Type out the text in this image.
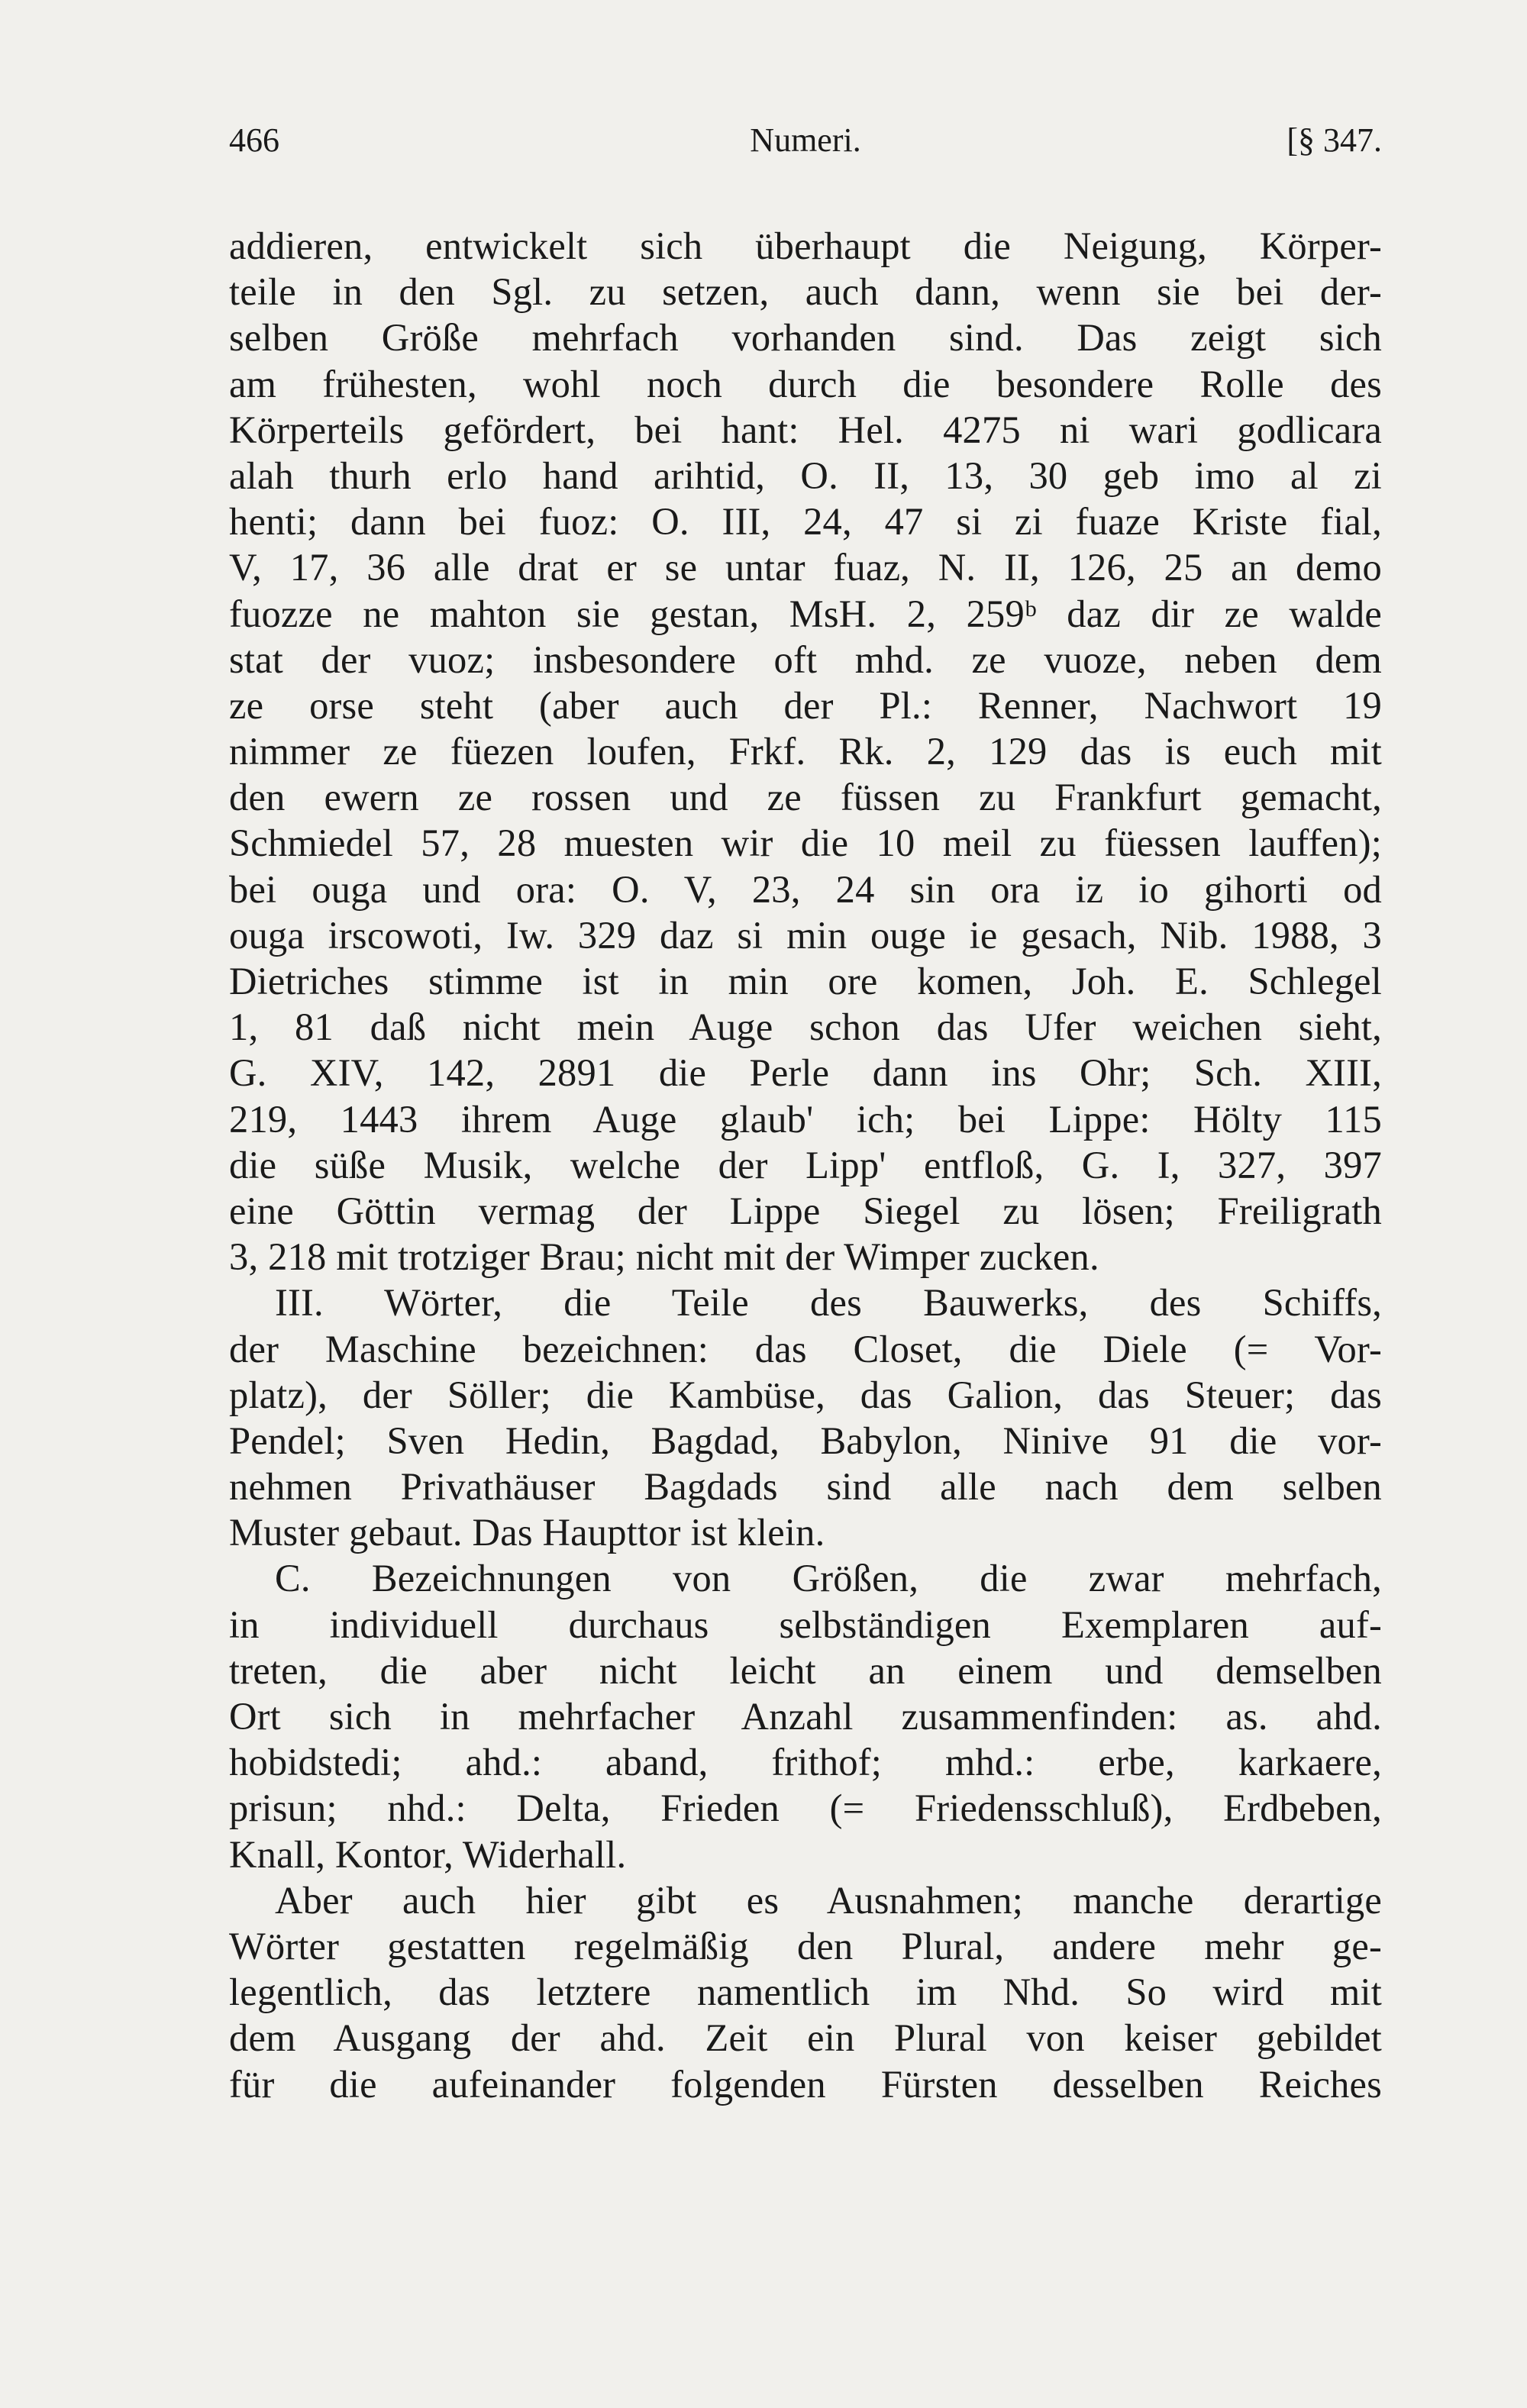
466	Numeri.	[§ 347.
addieren, entwickelt sich überhaupt die Neigung, Körper-
teile in den Sgl. zu setzen, auch dann, wenn sie bei der-
selben Größe mehrfach vorhanden sind. Das zeigt sich
am frühesten, wohl noch durch die besondere Rolle des
Körperteils gefördert, bei hant: Hel. 4275 ni wari godlicara
alah thurh erlo hand arihtid, O. II, 13, 30 geb imo al zi
henti; dann bei fuoz: O. III, 24, 47 si zi fuaze Kriste fial,
V, 17, 36 alle drat er se untar fuaz, N. II, 126, 25 an demo
fuozze ne mahton sie gestan, MsH. 2, 259ᵇ daz dir ze walde
stat der vuoz; insbesondere oft mhd. ze vuoze, neben dem
ze orse steht (aber auch der Pl.: Renner, Nachwort 19
nimmer ze füezen loufen, Frkf. Rk. 2, 129 das is euch mit
den ewern ze rossen und ze füssen zu Frankfurt gemacht,
Schmiedel 57, 28 muesten wir die 10 meil zu füessen lauffen);
bei ouga und ora: O. V, 23, 24 sin ora iz io gihorti od
ouga irscowoti, Iw. 329 daz si min ouge ie gesach, Nib. 1988, 3
Dietriches stimme ist in min ore komen, Joh. E. Schlegel
1, 81 daß nicht mein Auge schon das Ufer weichen sieht,
G. XIV, 142, 2891 die Perle dann ins Ohr; Sch. XIII,
219, 1443 ihrem Auge glaub' ich; bei Lippe: Hölty 115
die süße Musik, welche der Lipp' entfloß, G. I, 327, 397
eine Göttin vermag der Lippe Siegel zu lösen; Freiligrath
3, 218 mit trotziger Brau; nicht mit der Wimper zucken.
III. Wörter, die Teile des Bauwerks, des Schiffs,
der Maschine bezeichnen: das Closet, die Diele (= Vor-
platz), der Söller; die Kambüse, das Galion, das Steuer; das
Pendel; Sven Hedin, Bagdad, Babylon, Ninive 91 die vor-
nehmen Privathäuser Bagdads sind alle nach dem selben
Muster gebaut. Das Haupttor ist klein.
C. Bezeichnungen von Größen, die zwar mehrfach,
in individuell durchaus selbständigen Exemplaren auf-
treten, die aber nicht leicht an einem und demselben
Ort sich in mehrfacher Anzahl zusammenfinden: as. ahd.
hobidstedi; ahd.: aband, frithof; mhd.: erbe, karkaere,
prisun; nhd.: Delta, Frieden (= Friedensschluß), Erdbeben,
Knall, Kontor, Widerhall.
Aber auch hier gibt es Ausnahmen; manche derartige
Wörter gestatten regelmäßig den Plural, andere mehr ge-
legentlich, das letztere namentlich im Nhd. So wird mit
dem Ausgang der ahd. Zeit ein Plural von keiser gebildet
für die aufeinander folgenden Fürsten desselben Reiches
